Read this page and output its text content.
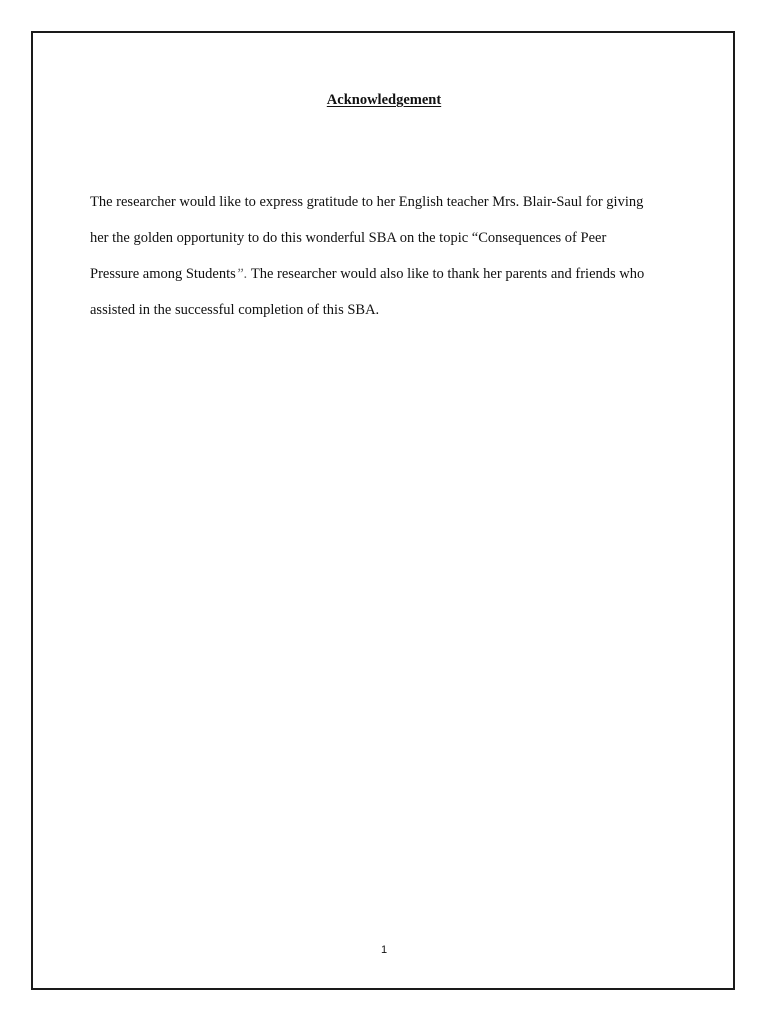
Acknowledgement

The researcher would like to express gratitude to her English teacher Mrs. Blair-Saul for giving
her the golden opportunity to do this wonderful SBA on the topic “Consequences of Peer
Pressure among Students”. The researcher would also like to thank her parents and friends who
assisted in the successful completion of this SBA.

1
